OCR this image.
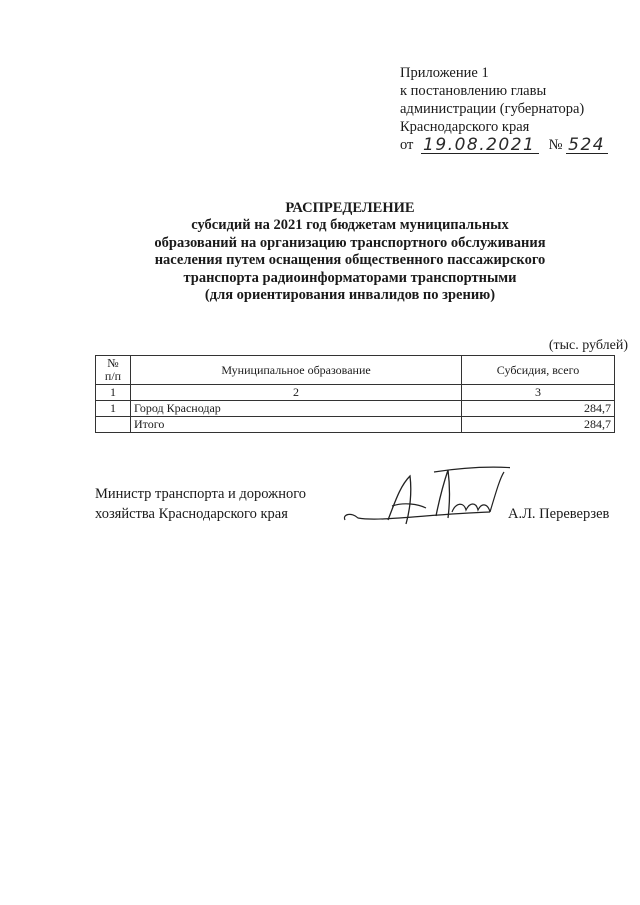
Приложение 1
к постановлению главы
администрации (губернатора)
Краснодарского края
от 19.08.2021 № 524
РАСПРЕДЕЛЕНИЕ
субсидий на 2021 год бюджетам муниципальных
образований на организацию транспортного обслуживания
населения путем оснащения общественного пассажирского
транспорта радиоинформаторами транспортными
(для ориентирования инвалидов по зрению)
(тыс. рублей)
№
п/п	Муниципальное образование	Субсидия, всего
1	2	3
1	Город Краснодар	284,7
	Итого	284,7
Министр транспорта и дорожного
хозяйства Краснодарского края	А.Л. Переверзев
